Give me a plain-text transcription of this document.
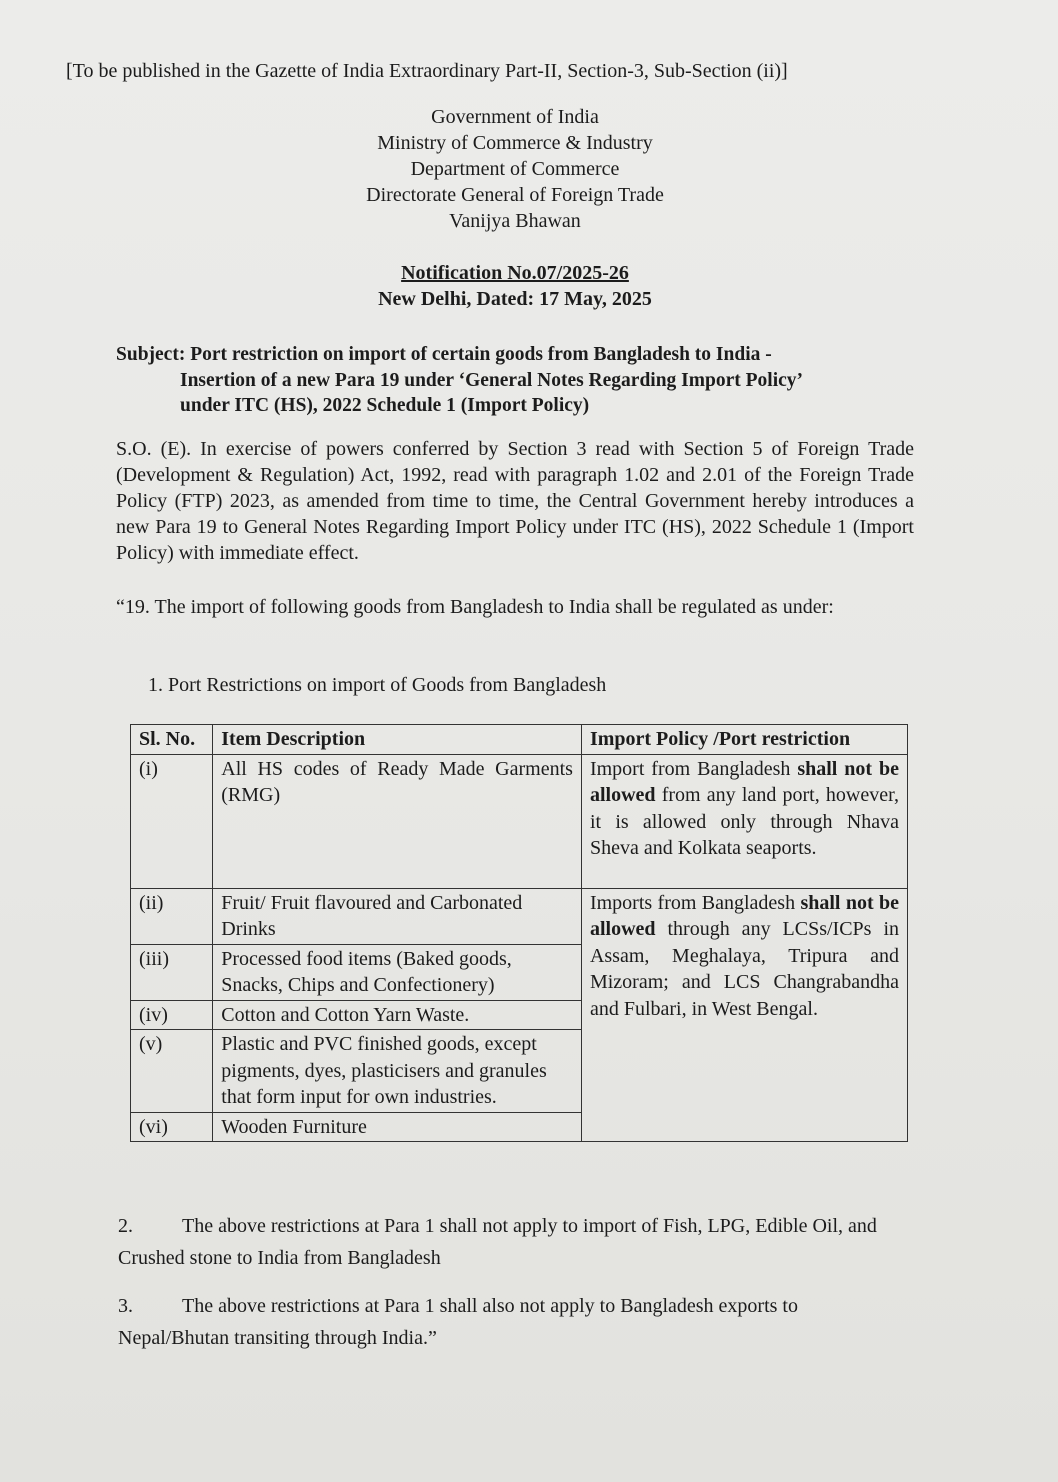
[To be published in the Gazette of India Extraordinary Part-II, Section-3, Sub-Section (ii)]
Government of India
Ministry of Commerce & Industry
Department of Commerce
Directorate General of Foreign Trade
Vanijya Bhawan
Notification No.07/2025-26
New Delhi, Dated: 17 May, 2025
Subject: Port restriction on import of certain goods from Bangladesh to India -
Insertion of a new Para 19 under ‘General Notes Regarding Import Policy’
under ITC (HS), 2022 Schedule 1 (Import Policy)
S.O. (E). In exercise of powers conferred by Section 3 read with Section 5 of Foreign Trade (Development & Regulation) Act, 1992, read with paragraph 1.02 and 2.01 of the Foreign Trade Policy (FTP) 2023, as amended from time to time, the Central Government hereby introduces a new Para 19 to General Notes Regarding Import Policy under ITC (HS), 2022 Schedule 1 (Import Policy) with immediate effect.
“19. The import of following goods from Bangladesh to India shall be regulated as under:
1. Port Restrictions on import of Goods from Bangladesh
Sl. No.	Item Description	Import Policy /Port restriction
(i)	All HS codes of Ready Made Garments (RMG)	Import from Bangladesh shall not be allowed from any land port, however, it is allowed only through Nhava Sheva and Kolkata seaports.
(ii)	Fruit/ Fruit flavoured and Carbonated Drinks	Imports from Bangladesh shall not be allowed through any LCSs/ICPs in Assam, Meghalaya, Tripura and Mizoram; and LCS Changrabandha and Fulbari, in West Bengal.
(iii)	Processed food items (Baked goods, Snacks, Chips and Confectionery)	
(iv)	Cotton and Cotton Yarn Waste.	
(v)	Plastic and PVC finished goods, except pigments, dyes, plasticisers and granules that form input for own industries.	
(vi)	Wooden Furniture	
2. The above restrictions at Para 1 shall not apply to import of Fish, LPG, Edible Oil, and Crushed stone to India from Bangladesh
3. The above restrictions at Para 1 shall also not apply to Bangladesh exports to Nepal/Bhutan transiting through India.”
